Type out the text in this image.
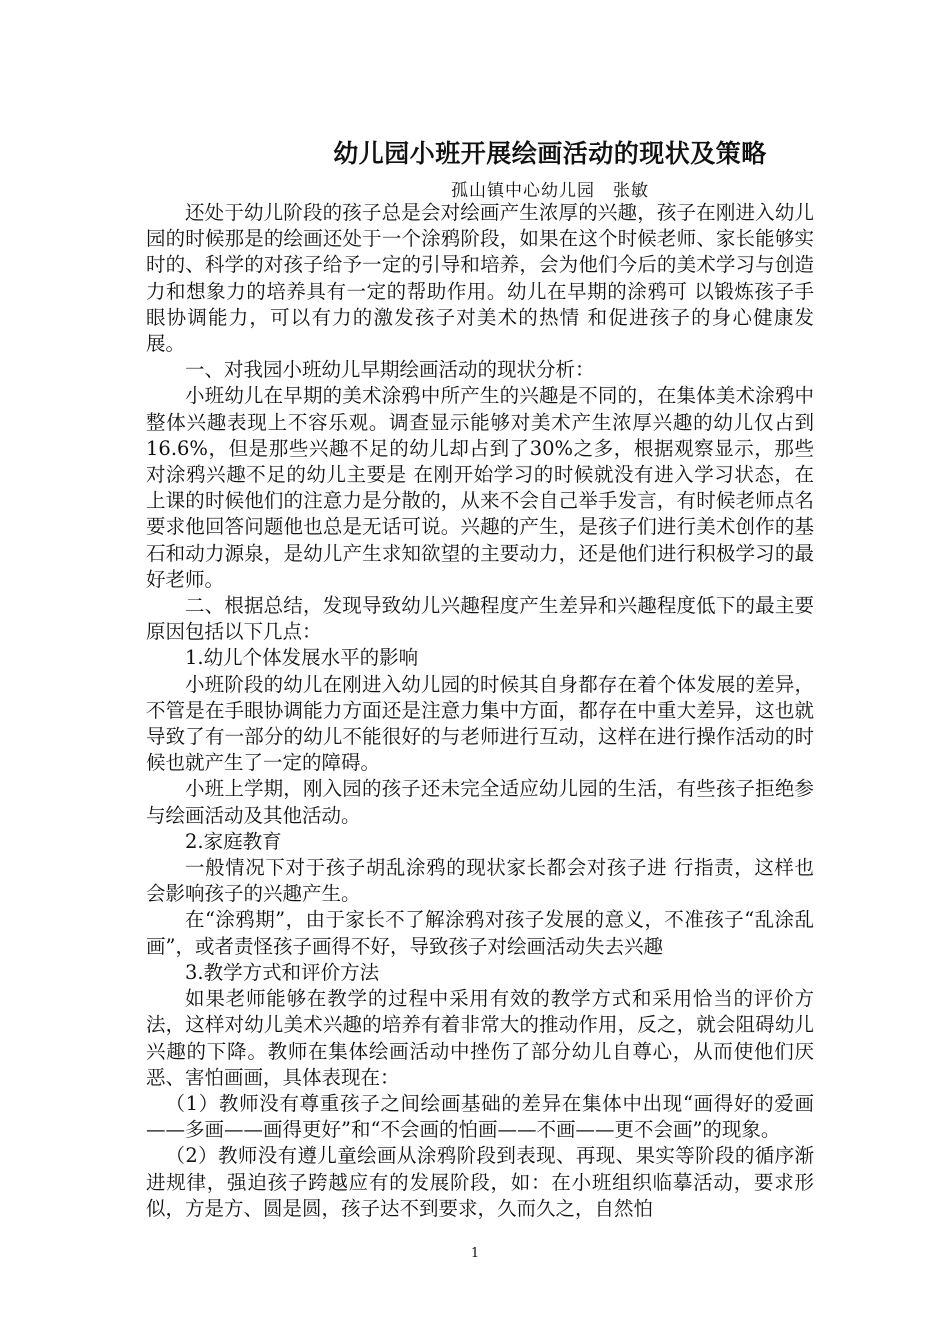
幼儿园小班开展绘画活动的现状及策略
孤山镇中心幼儿园　张敏

还处于幼儿阶段的孩子总是会对绘画产生浓厚的兴趣，孩子在刚进入幼儿园的时候那是的绘画还处于一个涂鸦阶段，如果在这个时候老师、家长能够实时的、科学的对孩子给予一定的引导和培养，会为他们今后的美术学习与创造 力和想象力的培养具有一定的帮助作用。幼儿在早期的涂鸦可 以锻炼孩子手眼协调能力，可以有力的激发孩子对美术的热情 和促进孩子的身心健康发展。

一、对我园小班幼儿早期绘画活动的现状分析：

小班幼儿在早期的美术涂鸦中所产生的兴趣是不同的，在集体美术涂鸦中整体兴趣表现上不容乐观。调查显示能够对美术产生浓厚兴趣的幼儿仅占到16.6%，但是那些兴趣不足的幼儿却占到了30%之多，根据观察显示，那些对涂鸦兴趣不足的幼儿主要是 在刚开始学习的时候就没有进入学习状态，在上课的时候他们的注意力是分散的，从来不会自己举手发言，有时候老师点名要求他回答问题他也总是无话可说。兴趣的产生，是孩子们进行美术创作的基石和动力源泉，是幼儿产生求知欲望的主要动力，还是他们进行积极学习的最好老师。

二、根据总结，发现导致幼儿兴趣程度产生差异和兴趣程度低下的最主要原因包括以下几点：

1.幼儿个体发展水平的影响

小班阶段的幼儿在刚进入幼儿园的时候其自身都存在着个体发展的差异，不管是在手眼协调能力方面还是注意力集中方面，都存在中重大差异，这也就导致了有一部分的幼儿不能很好的与老师进行互动，这样在进行操作活动的时候也就产生了一定的障碍。

小班上学期，刚入园的孩子还未完全适应幼儿园的生活，有些孩子拒绝参与绘画活动及其他活动。

2.家庭教育

一般情况下对于孩子胡乱涂鸦的现状家长都会对孩子进 行指责，这样也会影响孩子的兴趣产生。

在“涂鸦期”，由于家长不了解涂鸦对孩子发展的意义，不准孩子“乱涂乱画”，或者责怪孩子画得不好，导致孩子对绘画活动失去兴趣

3.教学方式和评价方法

如果老师能够在教学的过程中采用有效的教学方式和采用恰当的评价方法，这样对幼儿美术兴趣的培养有着非常大的推动作用，反之，就会阻碍幼儿兴趣的下降。教师在集体绘画活动中挫伤了部分幼儿自尊心，从而使他们厌恶、害怕画画，具体表现在：

（1）教师没有尊重孩子之间绘画基础的差异在集体中出现“画得好的爱画——多画——画得更好”和“不会画的怕画——不画——更不会画”的现象。

（2）教师没有遵儿童绘画从涂鸦阶段到表现、再现、果实等阶段的循序渐进规律，强迫孩子跨越应有的发展阶段，如：在小班组织临摹活动，要求形似，方是方、圆是圆，孩子达不到要求，久而久之，自然怕

1
